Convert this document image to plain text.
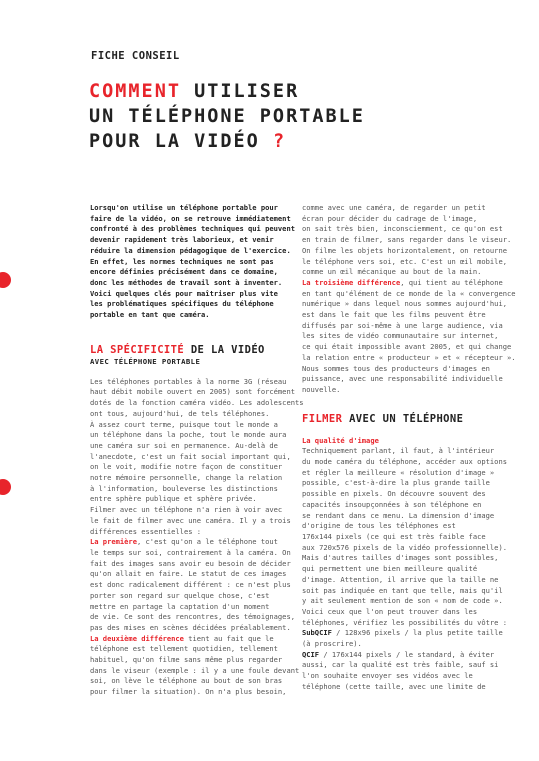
FICHE CONSEIL
COMMENT UTILISER
UN TÉLÉPHONE PORTABLE
POUR LA VIDÉO ?

Lorsqu'on utilise un téléphone portable pour

faire de la vidéo, on se retrouve immédiatement

confronté à des problèmes techniques qui peuvent

devenir rapidement très laborieux, et venir

réduire la dimension pédagogique de l'exercice.

En effet, les normes techniques ne sont pas

encore définies précisément dans ce domaine,

donc les méthodes de travail sont à inventer.

Voici quelques clés pour maîtriser plus vite

les problématiques spécifiques du téléphone

portable en tant que caméra.

LA SPÉCIFICITÉ DE LA VIDÉO
AVEC TÉLÉPHONE PORTABLE

Les téléphones portables à la norme 3G (réseau

haut débit mobile ouvert en 2005) sont forcément

dotés de la fonction caméra vidéo. Les adolescents

ont tous, aujourd'hui, de tels téléphones.

À assez court terme, puisque tout le monde a

un téléphone dans la poche, tout le monde aura

une caméra sur soi en permanence. Au-delà de

l'anecdote, c'est un fait social important qui,

on le voit, modifie notre façon de constituer

notre mémoire personnelle, change la relation

à l'information, bouleverse les distinctions

entre sphère publique et sphère privée.

Filmer avec un téléphone n'a rien à voir avec

le fait de filmer avec une caméra. Il y a trois

différences essentielles :

La première, c'est qu'on a le téléphone tout

le temps sur soi, contrairement à la caméra. On

fait des images sans avoir eu besoin de décider

qu'on allait en faire. Le statut de ces images

est donc radicalement différent : ce n'est plus

porter son regard sur quelque chose, c'est

mettre en partage la captation d'un moment

de vie. Ce sont des rencontres, des témoignages,

pas des mises en scènes décidées préalablement.

La deuxième différence tient au fait que le

téléphone est tellement quotidien, tellement

habituel, qu'on filme sans même plus regarder

dans le viseur (exemple : il y a une foule devant

soi, on lève le téléphone au bout de son bras

pour filmer la situation). On n'a plus besoin,

comme avec une caméra, de regarder un petit

écran pour décider du cadrage de l'image,

on sait très bien, inconsciemment, ce qu'on est

en train de filmer, sans regarder dans le viseur.

On filme les objets horizontalement, on retourne

le téléphone vers soi, etc. C'est un œil mobile,

comme un œil mécanique au bout de la main.

La troisième différence, qui tient au téléphone

en tant qu'élément de ce monde de la « convergence

numérique » dans lequel nous sommes aujourd'hui,

est dans le fait que les films peuvent être

diffusés par soi-même à une large audience, via

les sites de vidéo communautaire sur internet,

ce qui était impossible avant 2005, et qui change

la relation entre « producteur » et « récepteur ».

Nous sommes tous des producteurs d'images en

puissance, avec une responsabilité individuelle

nouvelle.

FILMER AVEC UN TÉLÉPHONE

La qualité d'image

Techniquement parlant, il faut, à l'intérieur

du mode caméra du téléphone, accéder aux options

et régler la meilleure « résolution d'image »

possible, c'est-à-dire la plus grande taille

possible en pixels. On découvre souvent des

capacités insoupçonnées à son téléphone en

se rendant dans ce menu. La dimension d'image

d'origine de tous les téléphones est

176x144 pixels (ce qui est très faible face

aux 720x576 pixels de la vidéo professionnelle).

Mais d'autres tailles d'images sont possibles,

qui permettent une bien meilleure qualité

d'image. Attention, il arrive que la taille ne

soit pas indiquée en tant que telle, mais qu'il

y ait seulement mention de son « nom de code ».

Voici ceux que l'on peut trouver dans les

téléphones, vérifiez les possibilités du vôtre :

SubQCIF / 128x96 pixels / la plus petite taille

(à proscrire).

QCIF / 176x144 pixels / le standard, à éviter

aussi, car la qualité est très faible, sauf si

l'on souhaite envoyer ses vidéos avec le

téléphone (cette taille, avec une limite de
